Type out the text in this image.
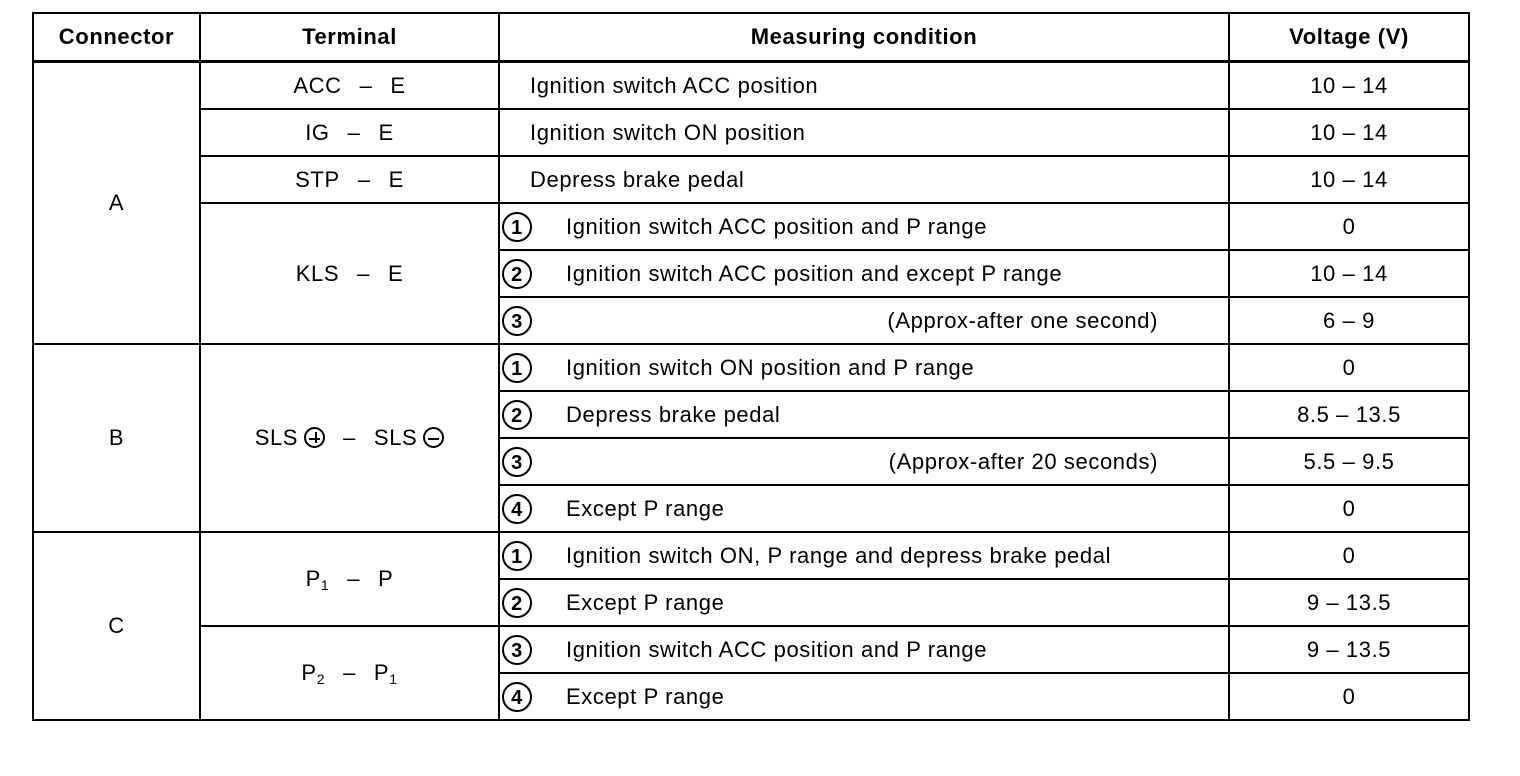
Connector	Terminal	Measuring condition	Voltage (V)
A	ACC – E	Ignition switch ACC position	10 – 14
	IG – E	Ignition switch ON position	10 – 14
	STP – E	Depress brake pedal	10 – 14
	KLS – E	1 Ignition switch ACC position and P range	0

		2 Ignition switch ACC position and except P range	10 – 14

		3 (Approx-after one second)	6 – 9
B	SLS – SLS	1 Ignition switch ON position and P range	0

		2 Depress brake pedal	8.5 – 13.5

		3 (Approx-after 20 seconds)	5.5 – 9.5

		4 Except P range	0
C	$P_1$ – P	1 Ignition switch ON, P range and depress brake pedal	0

		2 Except P range	9 – 13.5
	$P_2 - P_1$	3 Ignition switch ACC position and P range	9 – 13.5

		4 Except P range	0
